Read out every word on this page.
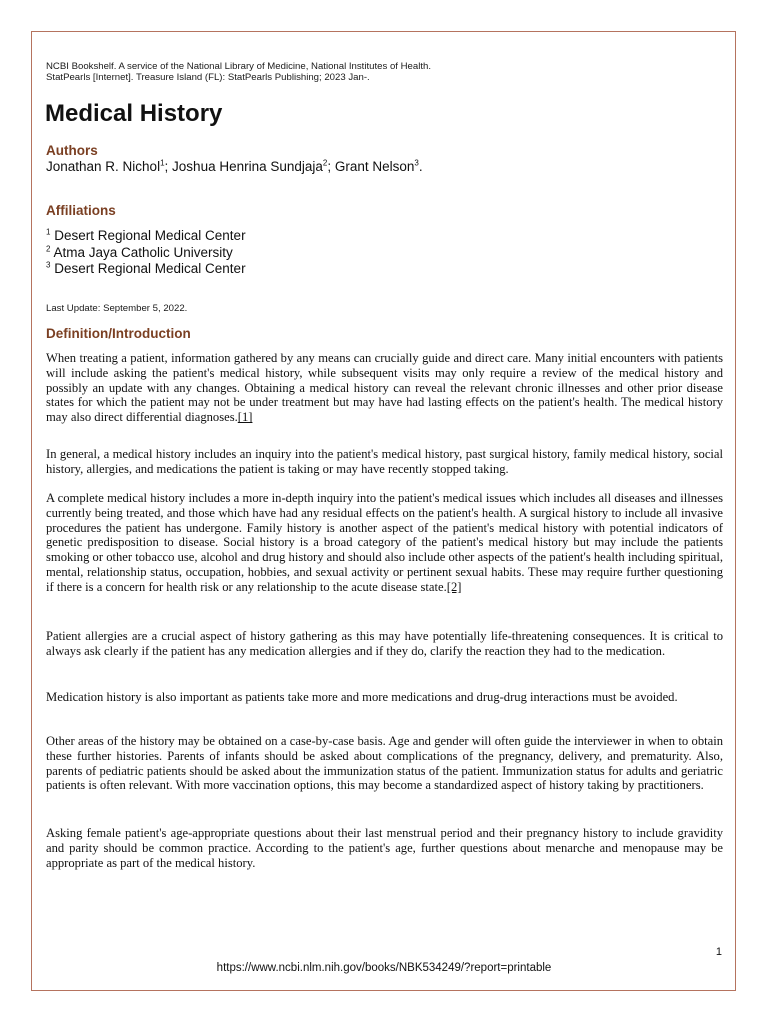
NCBI Bookshelf. A service of the National Library of Medicine, National Institutes of Health.
StatPearls [Internet]. Treasure Island (FL): StatPearls Publishing; 2023 Jan-.
Medical History
Authors
Jonathan R. Nichol$^1$; Joshua Henrina Sundjaja$^2$; Grant Nelson$^3$.
Affiliations
$^1$ Desert Regional Medical Center
$^2$ Atma Jaya Catholic University
$^3$ Desert Regional Medical Center
Last Update: September 5, 2022.
Definition/Introduction

When treating a patient, information gathered by any means can crucially guide and direct care. Many initial encounters with patients will include asking the patient's medical history, while subsequent visits may only require a review of the medical history and possibly an update with any changes. Obtaining a medical history can reveal the relevant chronic illnesses and other prior disease states for which the patient may not be under treatment but may have had lasting effects on the patient's health. The medical history may also direct differential diagnoses.[1]

In general, a medical history includes an inquiry into the patient's medical history, past surgical history, family medical history, social history, allergies, and medications the patient is taking or may have recently stopped taking.

A complete medical history includes a more in-depth inquiry into the patient's medical issues which includes all diseases and illnesses currently being treated, and those which have had any residual effects on the patient's health. A surgical history to include all invasive procedures the patient has undergone. Family history is another aspect of the patient's medical history with potential indicators of genetic predisposition to disease. Social history is a broad category of the patient's medical history but may include the patients smoking or other tobacco use, alcohol and drug history and should also include other aspects of the patient's health including spiritual, mental, relationship status, occupation, hobbies, and sexual activity or pertinent sexual habits. These may require further questioning if there is a concern for health risk or any relationship to the acute disease state.[2]

Patient allergies are a crucial aspect of history gathering as this may have potentially life-threatening consequences. It is critical to always ask clearly if the patient has any medication allergies and if they do, clarify the reaction they had to the medication.

Medication history is also important as patients take more and more medications and drug-drug interactions must be avoided.

Other areas of the history may be obtained on a case-by-case basis. Age and gender will often guide the interviewer in when to obtain these further histories. Parents of infants should be asked about complications of the pregnancy, delivery, and prematurity. Also, parents of pediatric patients should be asked about the immunization status of the patient. Immunization status for adults and geriatric patients is often relevant. With more vaccination options, this may become a standardized aspect of history taking by practitioners.

Asking female patient's age-appropriate questions about their last menstrual period and their pregnancy history to include gravidity and parity should be common practice. According to the patient's age, further questions about menarche and menopause may be appropriate as part of the medical history.

1
https://www.ncbi.nlm.nih.gov/books/NBK534249/?report=printable
